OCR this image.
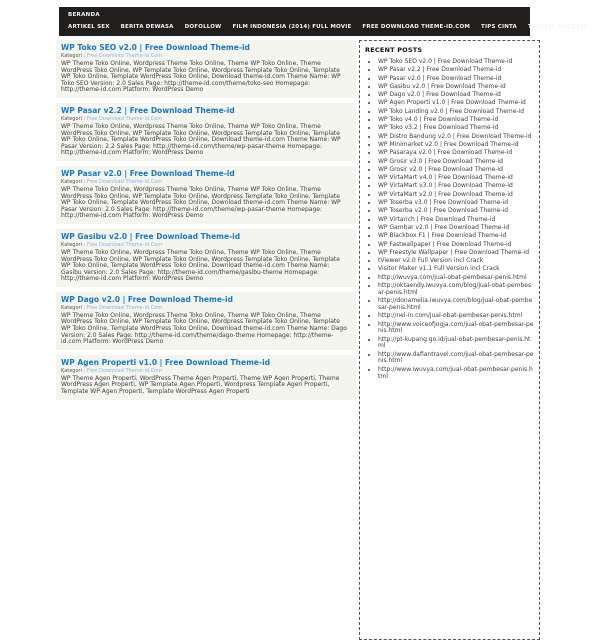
BERANDA
ARTIKEL SEX BERITA DEWASA DOFOLLOW FILM INDONESIA (2014) FULL MOVIE FREE DOWNLOAD THEME-ID.COM TIPS CINTA TRAFFIC BOOSTER
WP Toko SEO v2.0 | Free Download Theme-id
Kategori : Free Download Theme-id.Com

WP Theme Toko Online, Wordpress Theme Toko Online, Theme WP Toko Online, Theme WordPress Toko Online, WP Template Toko Online, Wordpress Template Toko Online, Template WP Toko Online, Template WordPress Toko Online, Download theme-id.com Theme Name: WP Toko SEO Version: 2.0 Sales Page: http://theme-id.com/theme/toko-seo Homepage: http://theme-id.com Platform: WordPress Demo

WP Pasar v2.2 | Free Download Theme-id
Kategori : Free Download Theme-id.Com

WP Theme Toko Online, Wordpress Theme Toko Online, Theme WP Toko Online, Theme WordPress Toko Online, WP Template Toko Online, Wordpress Template Toko Online, Template WP Toko Online, Template WordPress Toko Online, Download theme-id.com Theme Name: WP Pasar Version: 2.2 Sales Page: http://theme-id.com/theme/wp-pasar-theme Homepage: http://theme-id.com Platform: WordPress Demo

WP Pasar v2.0 | Free Download Theme-id
Kategori : Free Download Theme-id.Com

WP Theme Toko Online, Wordpress Theme Toko Online, Theme WP Toko Online, Theme WordPress Toko Online, WP Template Toko Online, Wordpress Template Toko Online, Template WP Toko Online, Template WordPress Toko Online, Download theme-id.com Theme Name: WP Pasar Version: 2.0 Sales Page: http://theme-id.com/theme/wp-pasar-theme Homepage: http://theme-id.com Platform: WordPress Demo

WP Gasibu v2.0 | Free Download Theme-id
Kategori : Free Download Theme-id.Com

WP Theme Toko Online, Wordpress Theme Toko Online, Theme WP Toko Online, Theme WordPress Toko Online, WP Template Toko Online, Wordpress Template Toko Online, Template WP Toko Online, Template WordPress Toko Online, Download theme-id.com Theme Name: Gasibu Version: 2.0 Sales Page: http://theme-id.com/theme/gasibu-theme Homepage: http://theme-id.com Platform: WordPress Demo

WP Dago v2.0 | Free Download Theme-id
Kategori : Free Download Theme-id.Com

WP Theme Toko Online, Wordpress Theme Toko Online, Theme WP Toko Online, Theme WordPress Toko Online, WP Template Toko Online, Wordpress Template Toko Online, Template WP Toko Online, Template WordPress Toko Online, Download theme-id.com Theme Name: Dago Version: 2.0 Sales Page: http://theme-id.com/theme/dago-theme Homepage: http://theme-id.com Platform: WordPress Demo

WP Agen Properti v1.0 | Free Download Theme-id
Kategori : Free Download Theme-id.Com

WP Theme Agen Properti, WordPress Theme Agen Properti, Theme WP Agen Properti, Theme WordPress Agen Properti, WP Template Agen Properti, Wordpress Template Agen Properti, Template WP Agen Properti, Template WordPress Agen Properti

RECENT POSTS
• WP Toko SEO v2.0 | Free Download Theme-id
• WP Pasar v2.2 | Free Download Theme-id
• WP Pasar v2.0 | Free Download Theme-id
• WP Gasibu v2.0 | Free Download Theme-id
• WP Dago v2.0 | Free Download Theme-id
• WP Agen Properti v1.0 | Free Download Theme-id
• WP Toko Landing v2.0 | Free Download Theme-id
• WP Toko v4.0 | Free Download Theme-id
• WP Toko v3.2 | Free Download Theme-id
• WP Distro Bandung v2.0 | Free Download Theme-id
• WP Minimarket v2.0 | Free Download Theme-id
• WP Pasaraya v2.0 | Free Download Theme-id
• WP Grosir v3.0 | Free Download Theme-id
• WP Grosir v2.0 | Free Download Theme-id
• WP VirtaMart v4.0 | Free Download Theme-id
• WP VirtaMart v3.0 | Free Download Theme-id
• WP VirtaMart v2.0 | Free Download Theme-id
• WP Toserba v3.0 | Free Download Theme-id
• WP Toserba v2.0 | Free Download Theme-id
• WP Virtarich | Free Download Theme-id
• WP Gambar v2.0 | Free Download Theme-id
• WP Blackbox F1 | Free Download Theme-id
• WP Fastwallpaper | Free Download Theme-id
• WP Freestyle Wallpaper | Free Download Theme-id
• tViewer v2.0 Full Version incl Crack
• Visitor Maker v1.1 Full Version incl Crack
• http://iwuvya.com/jual-obat-pembesar-penis.html
• http://oktaendy.iwuvya.com/blog/jual-obat-pembesar-penis.html
• http://donamelia.iwuvya.com/blog/jual-obat-pembesar-penis.html
• http://nel-in.com/jual-obat-pembesar-penis.html
• http://www.voiceofjogja.com/jual-obat-pembesar-penis.html
• http://pt-kupang.go.id/jual-obat-pembesar-penis.html
• http://www.dafiantravel.com/jual-obat-pembesar-penis.html
• http://www.iwuvya.com/jual-obat-pembesar-penis.html
